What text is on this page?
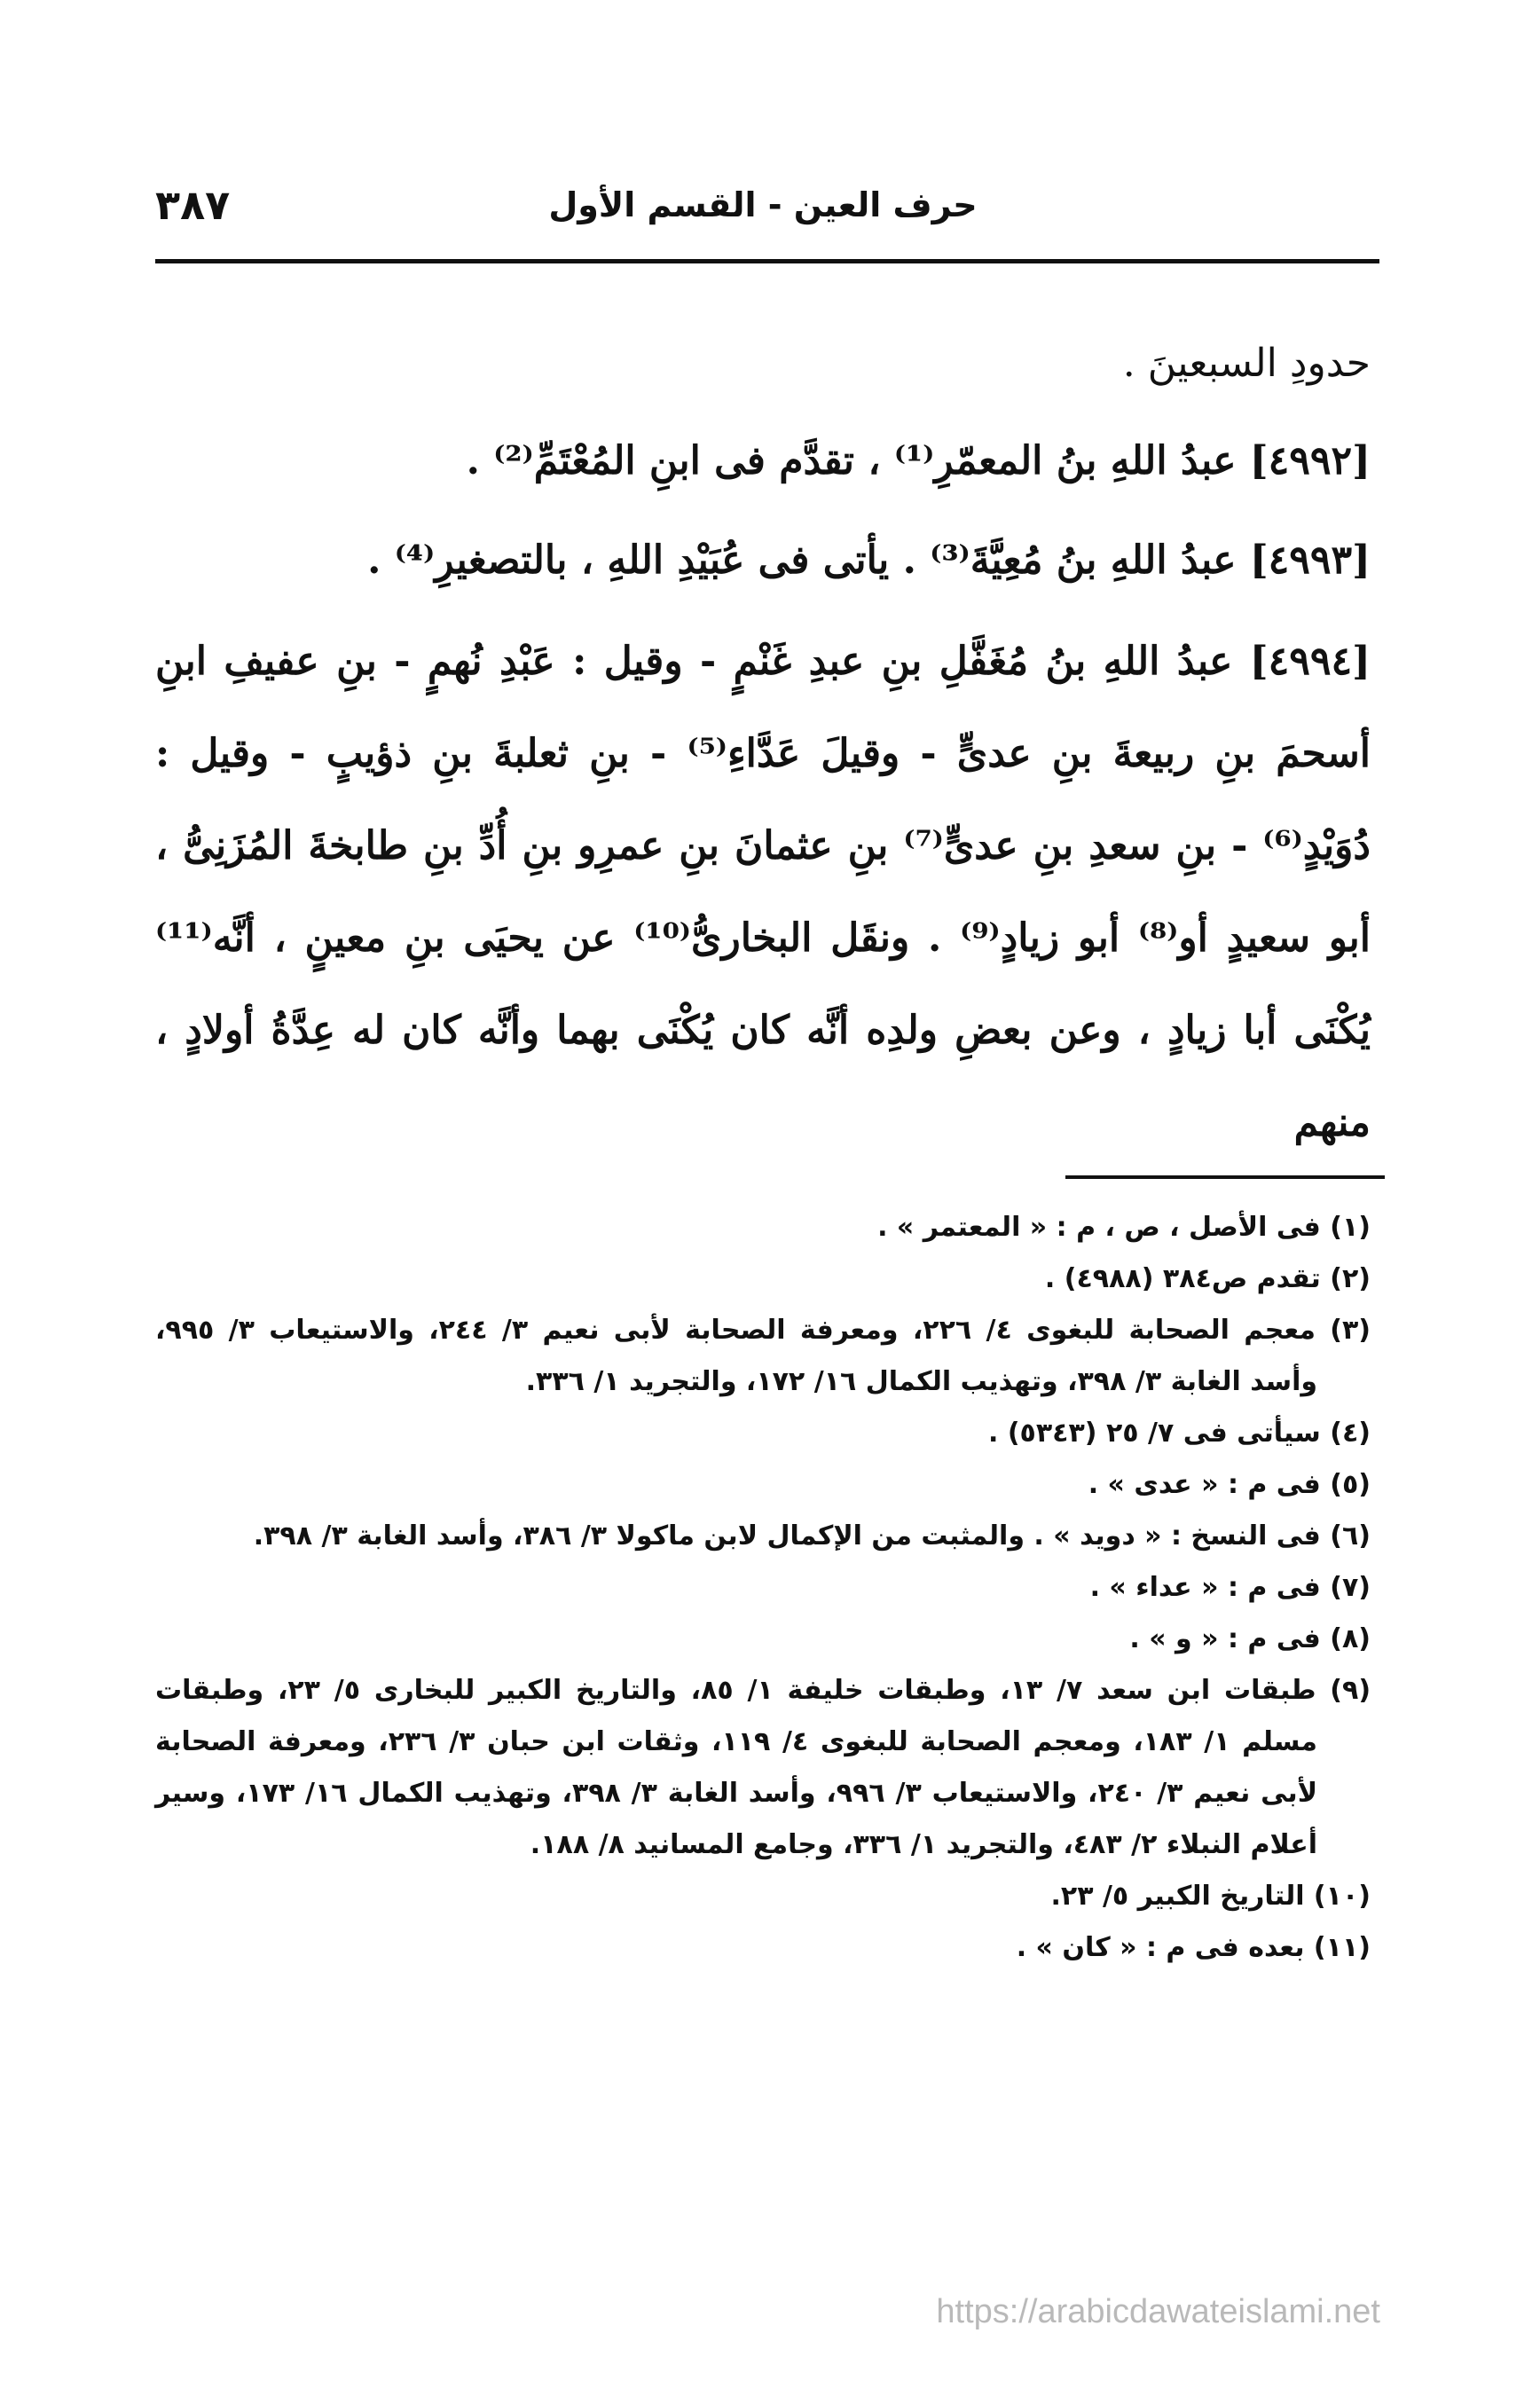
٣٨٧	حرف العين - القسم الأول

حدودِ السبعينَ .

[٤٩٩٢] عبدُ اللهِ بنُ المعمّرِ⁽¹⁾ ، تقدَّم فى ابنِ المُعْتَمِّ⁽²⁾ .

[٤٩٩٣] عبدُ اللهِ بنُ مُعِيَّةَ⁽³⁾ . يأتى فى عُبَيْدِ اللهِ ، بالتصغيرِ⁽⁴⁾ .

[٤٩٩٤] عبدُ اللهِ بنُ مُغَفَّلِ بنِ عبدِ غَنْمٍ - وقيل : عَبْدِ نُهمٍ - بنِ عفيفِ ابنِ أسحمَ بنِ ربيعةَ بنِ عدىٍّ - وقيلَ عَدَّاءِ⁽⁵⁾ - بنِ ثعلبةَ بنِ ذؤيبٍ - وقيل : دُوَيْدٍ⁽⁶⁾ - بنِ سعدِ بنِ عدىٍّ⁽⁷⁾ بنِ عثمانَ بنِ عمرِو بنِ أُدِّ بنِ طابخةَ المُزَنِىُّ ، أبو سعيدٍ أو⁽⁸⁾ أبو زيادٍ⁽⁹⁾ . ونقَل البخارىُّ⁽¹⁰⁾ عن يحيَى بنِ معينٍ ، أنَّه⁽¹¹⁾ يُكْنَى أبا زيادٍ ، وعن بعضِ ولدِه أنَّه كان يُكْنَى بهما وأنَّه كان له عِدَّةُ أولادٍ ، منهم

(١) فى الأصل ، ص ، م : « المعتمر » .

(٢) تقدم ص٣٨٤ (٤٩٨٨) .

(٣) معجم الصحابة للبغوى ٤/ ٢٢٦، ومعرفة الصحابة لأبى نعيم ٣/ ٢٤٤، والاستيعاب ٣/ ٩٩٥، وأسد الغابة ٣/ ٣٩٨، وتهذيب الكمال ١٦/ ١٧٢، والتجريد ١/ ٣٣٦.

(٤) سيأتى فى ٧/ ٢٥ (٥٣٤٣) .

(٥) فى م : « عدى » .

(٦) فى النسخ : « دويد » . والمثبت من الإكمال لابن ماكولا ٣/ ٣٨٦، وأسد الغابة ٣/ ٣٩٨.

(٧) فى م : « عداء » .

(٨) فى م : « و » .

(٩) طبقات ابن سعد ٧/ ١٣، وطبقات خليفة ١/ ٨٥، والتاريخ الكبير للبخارى ٥/ ٢٣، وطبقات مسلم ١/ ١٨٣، ومعجم الصحابة للبغوى ٤/ ١١٩، وثقات ابن حبان ٣/ ٢٣٦، ومعرفة الصحابة لأبى نعيم ٣/ ٢٤٠، والاستيعاب ٣/ ٩٩٦، وأسد الغابة ٣/ ٣٩٨، وتهذيب الكمال ١٦/ ١٧٣، وسير أعلام النبلاء ٢/ ٤٨٣، والتجريد ١/ ٣٣٦، وجامع المسانيد ٨/ ١٨٨.

(١٠) التاريخ الكبير ٥/ ٢٣.

(١١) بعده فى م : « كان » .

https://arabicdawateislami.net
